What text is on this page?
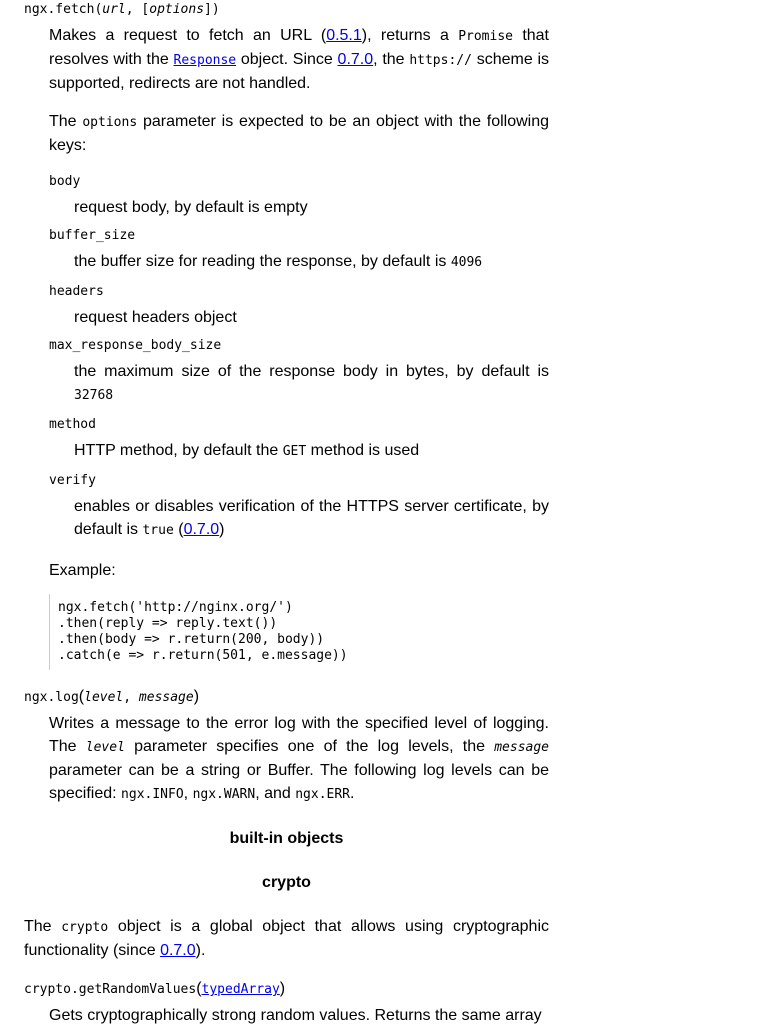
ngx.fetch(url, [options])

Makes a request to fetch an URL (0.5.1), returns a Promise that resolves with the Response object. Since 0.7.0, the https:// scheme is supported, redirects are not handled.

The options parameter is expected to be an object with the following keys:

body
request body, by default is empty
buffer_size
the buffer size for reading the response, by default is 4096
headers
request headers object
max_response_body_size
the maximum size of the response body in bytes, by default is 32768
method
HTTP method, by default the GET method is used
verify
enables or disables verification of the HTTPS server certificate, by default is true (0.7.0)
Example:
ngx.fetch('http://nginx.org/')
.then(reply => reply.text())
.then(body => r.return(200, body))
.catch(e => r.return(501, e.message))
ngx.log(level, message)

Writes a message to the error log with the specified level of logging. The level parameter specifies one of the log levels, the message parameter can be a string or Buffer. The following log levels can be specified: ngx.INFO, ngx.WARN, and ngx.ERR.

built-in objects
crypto

The crypto object is a global object that allows using cryptographic functionality (since 0.7.0).

crypto.getRandomValues(typedArray)

Gets cryptographically strong random values. Returns the same array
